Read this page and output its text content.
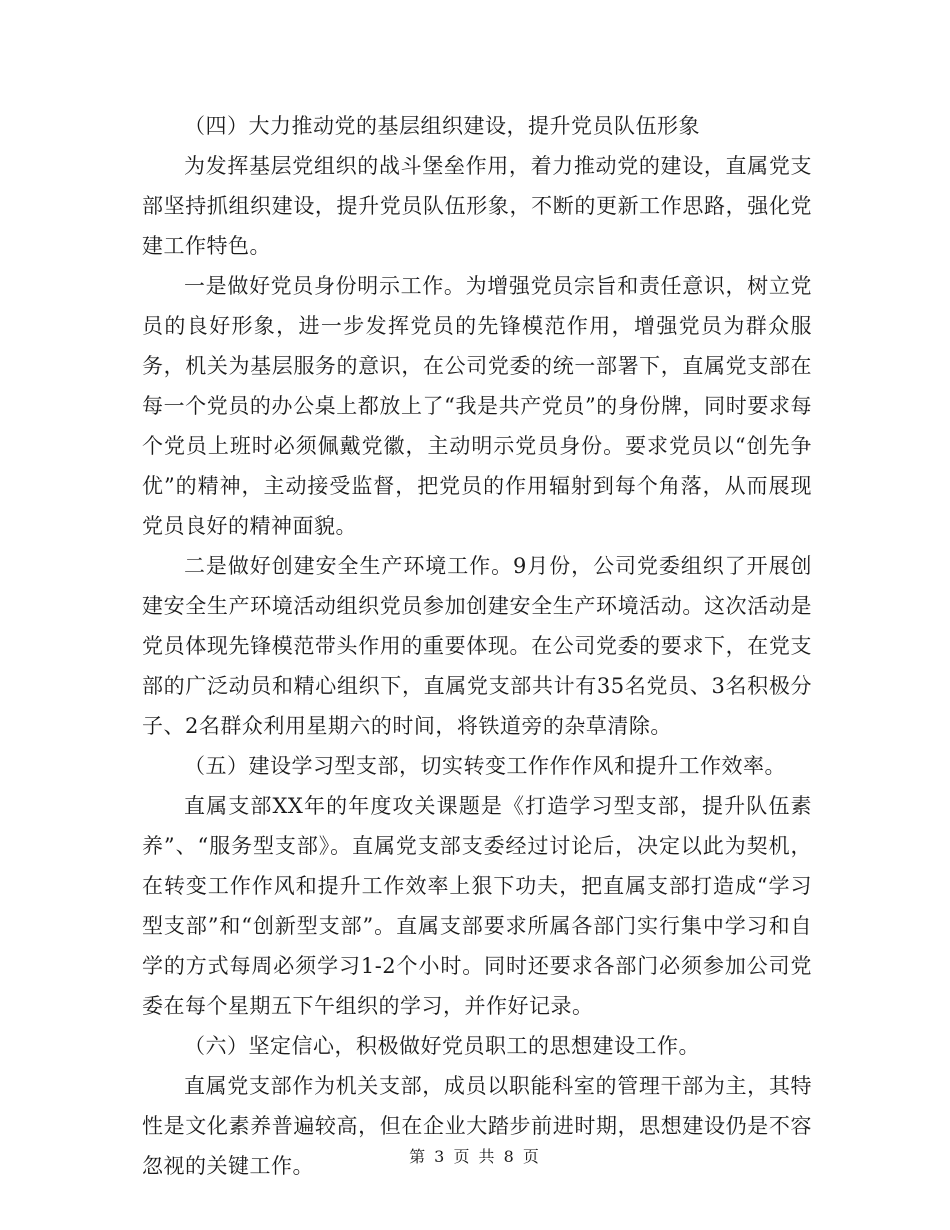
（四）大力推动党的基层组织建设，提升党员队伍形象

为发挥基层党组织的战斗堡垒作用，着力推动党的建设，直属党支部坚持抓组织建设，提升党员队伍形象，不断的更新工作思路，强化党建工作特色。

一是做好党员身份明示工作。为增强党员宗旨和责任意识，树立党员的良好形象，进一步发挥党员的先锋模范作用，增强党员为群众服务，机关为基层服务的意识，在公司党委的统一部署下，直属党支部在每一个党员的办公桌上都放上了“我是共产党员”的身份牌，同时要求每个党员上班时必须佩戴党徽，主动明示党员身份。要求党员以“创先争优”的精神，主动接受监督，把党员的作用辐射到每个角落，从而展现党员良好的精神面貌。

二是做好创建安全生产环境工作。9月份，公司党委组织了开展创建安全生产环境活动组织党员参加创建安全生产环境活动。这次活动是党员体现先锋模范带头作用的重要体现。在公司党委的要求下，在党支部的广泛动员和精心组织下，直属党支部共计有35名党员、3名积极分子、2名群众利用星期六的时间，将铁道旁的杂草清除。

（五）建设学习型支部，切实转变工作作作风和提升工作效率。

直属支部XX年的年度攻关课题是《打造学习型支部，提升队伍素养”、“服务型支部》。直属党支部支委经过讨论后，决定以此为契机，在转变工作作风和提升工作效率上狠下功夫，把直属支部打造成“学习型支部”和“创新型支部”。直属支部要求所属各部门实行集中学习和自学的方式每周必须学习1-2个小时。同时还要求各部门必须参加公司党委在每个星期五下午组织的学习，并作好记录。

（六）坚定信心，积极做好党员职工的思想建设工作。

直属党支部作为机关支部，成员以职能科室的管理干部为主，其特性是文化素养普遍较高，但在企业大踏步前进时期，思想建设仍是不容忽视的关键工作。	第 3 页 共 8 页
